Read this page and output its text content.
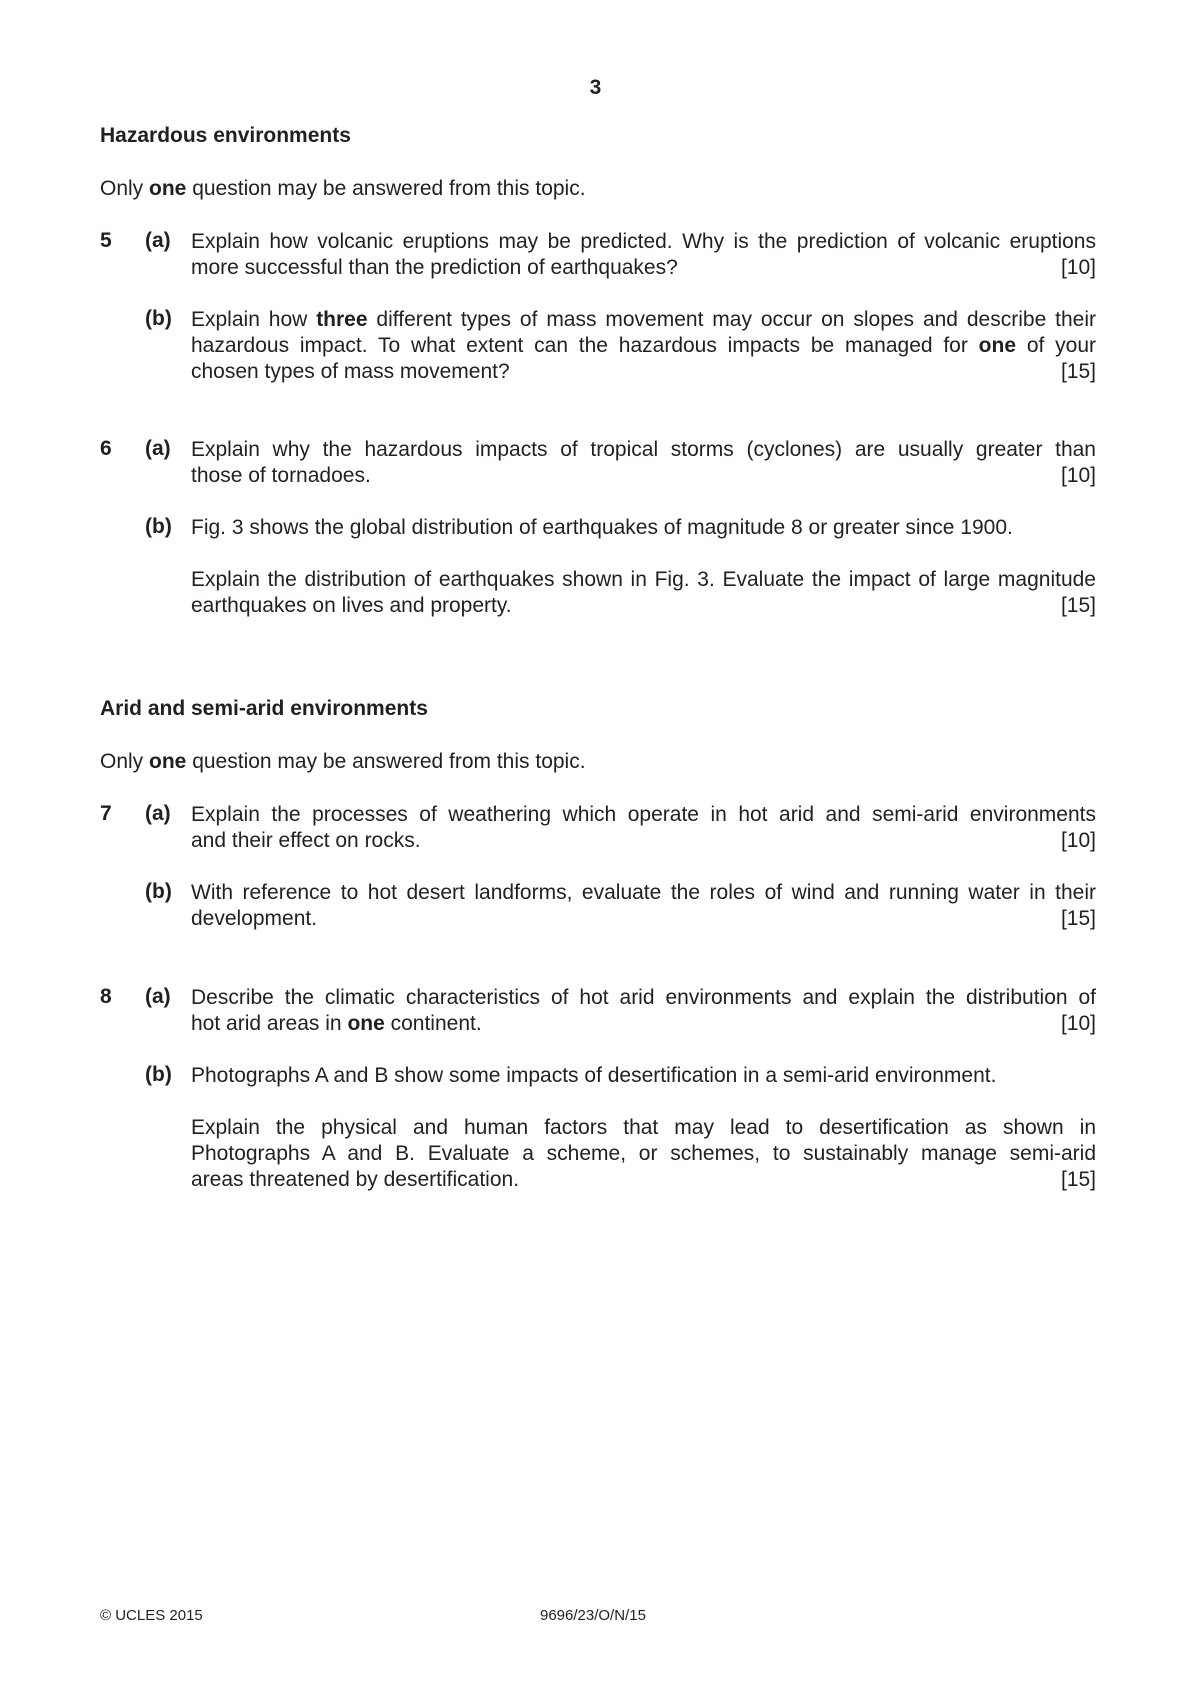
3
Hazardous environments
Only one question may be answered from this topic.
5 (a) Explain how volcanic eruptions may be predicted. Why is the prediction of volcanic eruptions
more successful than the prediction of earthquakes?	[10]
(b) Explain how three different types of mass movement may occur on slopes and describe their
hazardous impact. To what extent can the hazardous impacts be managed for one of your
chosen types of mass movement?	[15]
6 (a) Explain why the hazardous impacts of tropical storms (cyclones) are usually greater than
those of tornadoes.	[10]
(b) Fig. 3 shows the global distribution of earthquakes of magnitude 8 or greater since 1900.
Explain the distribution of earthquakes shown in Fig. 3. Evaluate the impact of large magnitude
earthquakes on lives and property.	[15]
Arid and semi-arid environments
Only one question may be answered from this topic.
7 (a) Explain the processes of weathering which operate in hot arid and semi-arid environments
and their effect on rocks.	[10]
(b) With reference to hot desert landforms, evaluate the roles of wind and running water in their
development.	[15]
8 (a) Describe the climatic characteristics of hot arid environments and explain the distribution of
hot arid areas in one continent.	[10]
(b) Photographs A and B show some impacts of desertification in a semi-arid environment.
Explain the physical and human factors that may lead to desertification as shown in
Photographs A and B. Evaluate a scheme, or schemes, to sustainably manage semi-arid
areas threatened by desertification.	[15]
© UCLES 2015	9696/23/O/N/15
